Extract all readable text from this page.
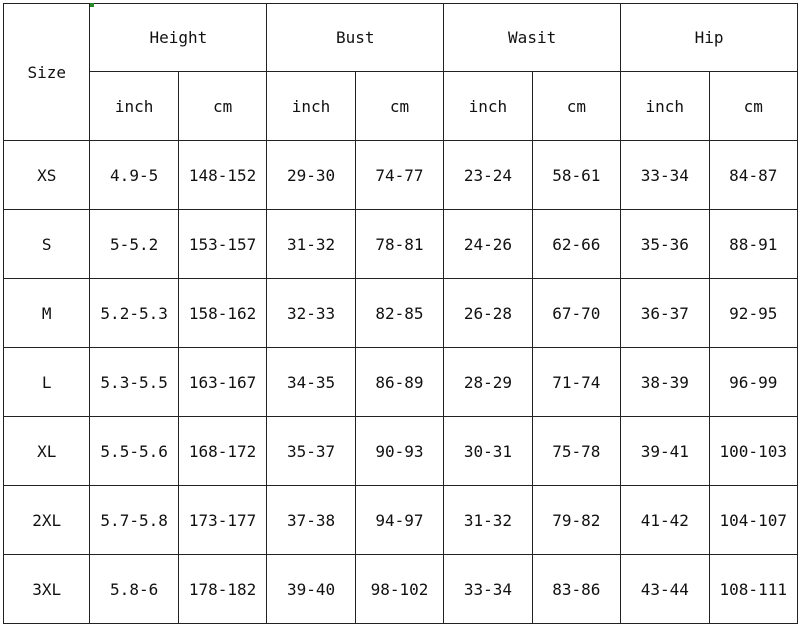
Size	Height		Bust		Wasit		Hip	
	inch	cm	inch	cm	inch	cm	inch	cm
XS	4.9-5	148-152	29-30	74-77	23-24	58-61	33-34	84-87
S	5-5.2	153-157	31-32	78-81	24-26	62-66	35-36	88-91
M	5.2-5.3	158-162	32-33	82-85	26-28	67-70	36-37	92-95
L	5.3-5.5	163-167	34-35	86-89	28-29	71-74	38-39	96-99
XL	5.5-5.6	168-172	35-37	90-93	30-31	75-78	39-41	100-103
2XL	5.7-5.8	173-177	37-38	94-97	31-32	79-82	41-42	104-107
3XL	5.8-6	178-182	39-40	98-102	33-34	83-86	43-44	108-111
